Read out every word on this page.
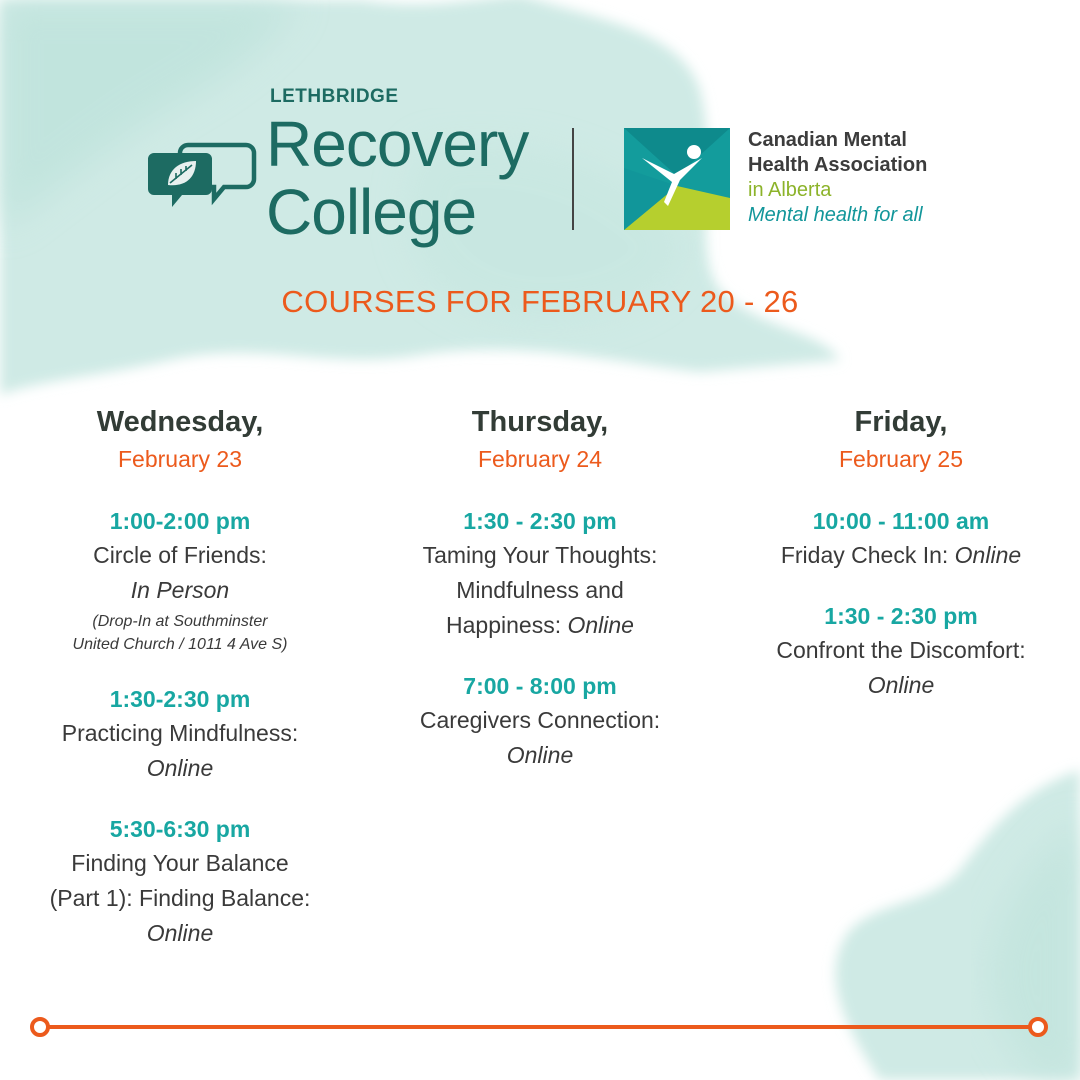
LETHBRIDGE
Recovery
College
Canadian Mental
Health Association
in Alberta
Mental health for all
COURSES FOR FEBRUARY 20 - 26
Wednesday,
February 23
1:00-2:00 pm
Circle of Friends:
In Person
(Drop-In at Southminster
United Church / 1011 4 Ave S)
1:30-2:30 pm
Practicing Mindfulness:
Online
5:30-6:30 pm
Finding Your Balance
(Part 1): Finding Balance:
Online
Thursday,
February 24
1:30 - 2:30 pm
Taming Your Thoughts:
Mindfulness and
Happiness: Online
7:00 - 8:00 pm
Caregivers Connection:
Online
Friday,
February 25
10:00 - 11:00 am
Friday Check In: Online
1:30 - 2:30 pm
Confront the Discomfort:
Online
